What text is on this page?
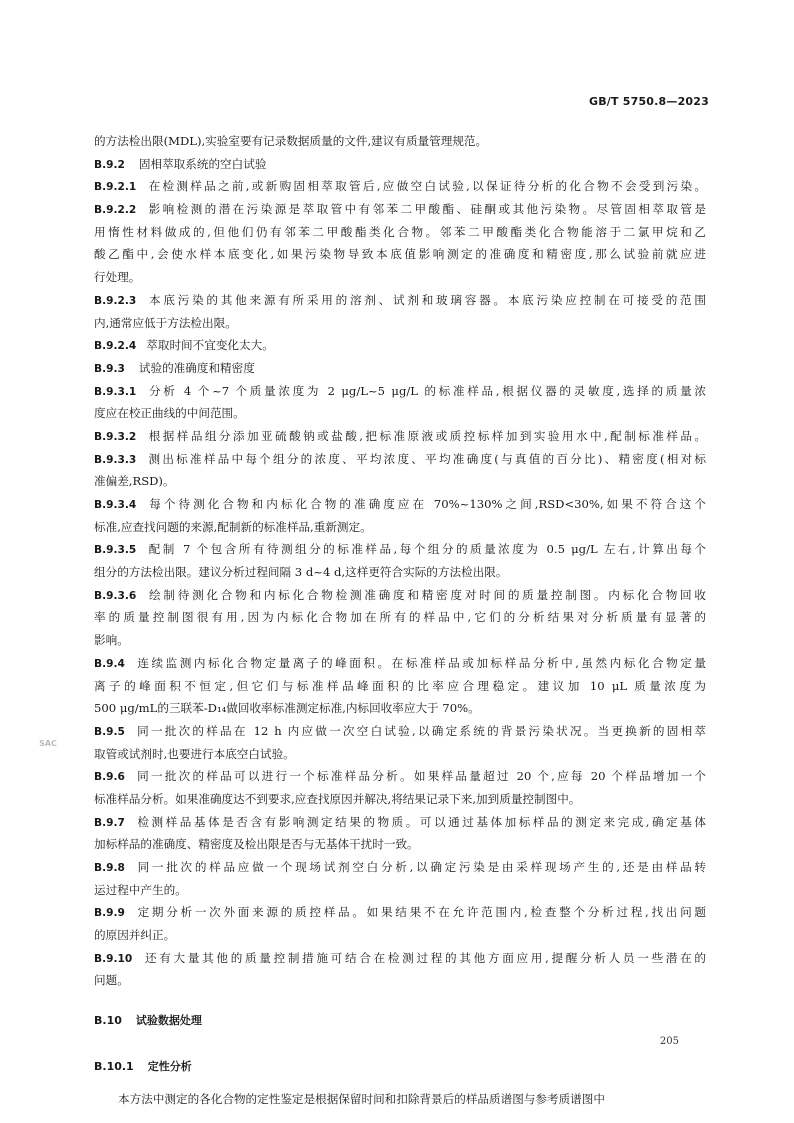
GB/T 5750.8—2023
的方法检出限(MDL),实验室要有记录数据质量的文件,建议有质量管理规范。
B.9.2 固相萃取系统的空白试验
B.9.2.1 在检测样品之前,或新购固相萃取管后,应做空白试验,以保证待分析的化合物不会受到污染。
B.9.2.2 影响检测的潜在污染源是萃取管中有邻苯二甲酸酯、硅酮或其他污染物。尽管固相萃取管是
用惰性材料做成的,但他们仍有邻苯二甲酸酯类化合物。邻苯二甲酸酯类化合物能溶于二氯甲烷和乙
酸乙酯中,会使水样本底变化,如果污染物导致本底值影响测定的准确度和精密度,那么试验前就应进
行处理。
B.9.2.3 本底污染的其他来源有所采用的溶剂、试剂和玻璃容器。本底污染应控制在可接受的范围
内,通常应低于方法检出限。
B.9.2.4 萃取时间不宜变化太大。
B.9.3 试验的准确度和精密度
B.9.3.1 分析 4 个~7 个质量浓度为 2 μg/L~5 μg/L 的标准样品,根据仪器的灵敏度,选择的质量浓
度应在校正曲线的中间范围。
B.9.3.2 根据样品组分添加亚硫酸钠或盐酸,把标准原液或质控标样加到实验用水中,配制标准样品。
B.9.3.3 测出标准样品中每个组分的浓度、平均浓度、平均准确度(与真值的百分比)、精密度(相对标
准偏差,RSD)。
B.9.3.4 每个待测化合物和内标化合物的准确度应在 70%~130%之间,RSD<30%,如果不符合这个
标准,应查找问题的来源,配制新的标准样品,重新测定。
B.9.3.5 配制 7 个包含所有待测组分的标准样品,每个组分的质量浓度为 0.5 μg/L 左右,计算出每个
组分的方法检出限。建议分析过程间隔 3 d~4 d,这样更符合实际的方法检出限。
B.9.3.6 绘制待测化合物和内标化合物检测准确度和精密度对时间的质量控制图。内标化合物回收
率的质量控制图很有用,因为内标化合物加在所有的样品中,它们的分析结果对分析质量有显著的
影响。
B.9.4 连续监测内标化合物定量离子的峰面积。在标准样品或加标样品分析中,虽然内标化合物定量
离子的峰面积不恒定,但它们与标准样品峰面积的比率应合理稳定。建议加 10 μL 质量浓度为
500 μg/mL的三联苯-D₁₄做回收率标准测定标准,内标回收率应大于 70%。
B.9.5 同一批次的样品在 12 h 内应做一次空白试验,以确定系统的背景污染状况。当更换新的固相萃
取管或试剂时,也要进行本底空白试验。
B.9.6 同一批次的样品可以进行一个标准样品分析。如果样品量超过 20 个,应每 20 个样品增加一个
标准样品分析。如果准确度达不到要求,应查找原因并解决,将结果记录下来,加到质量控制图中。
B.9.7 检测样品基体是否含有影响测定结果的物质。可以通过基体加标样品的测定来完成,确定基体
加标样品的准确度、精密度及检出限是否与无基体干扰时一致。
B.9.8 同一批次的样品应做一个现场试剂空白分析,以确定污染是由采样现场产生的,还是由样品转
运过程中产生的。
B.9.9 定期分析一次外面来源的质控样品。如果结果不在允许范围内,检查整个分析过程,找出问题
的原因并纠正。
B.9.10 还有大量其他的质量控制措施可结合在检测过程的其他方面应用,提醒分析人员一些潜在的
问题。
B.10 试验数据处理
B.10.1 定性分析
本方法中测定的各化合物的定性鉴定是根据保留时间和扣除背景后的样品质谱图与参考质谱图中
SAC
205
